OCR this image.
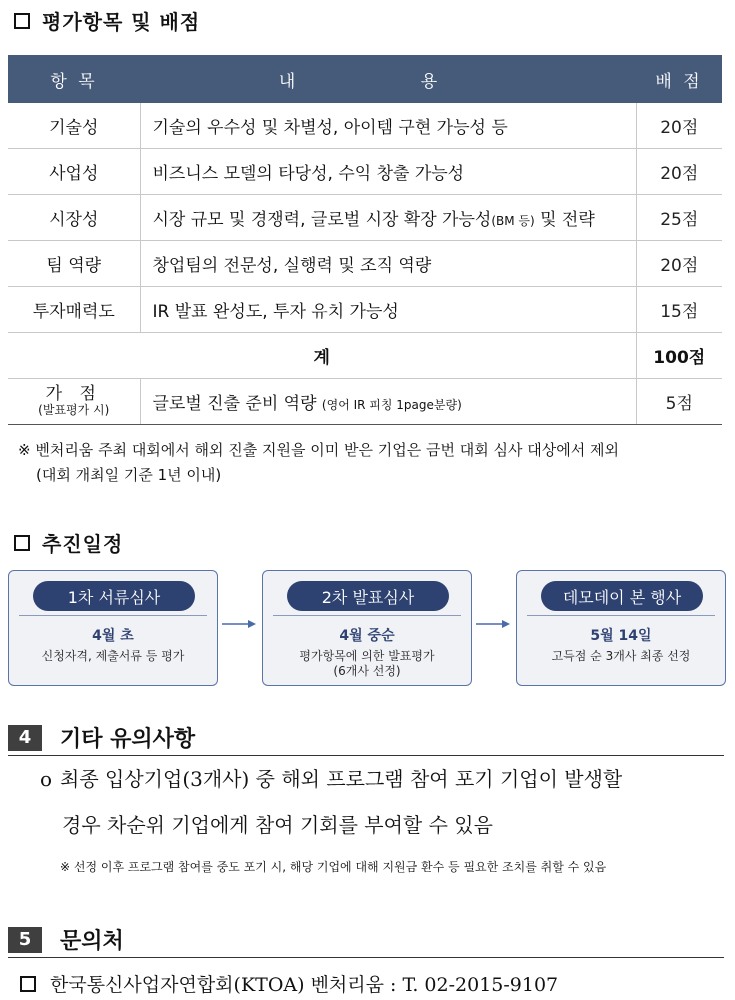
평가항목 및 배점
항 목	내 용	배 점
기술성	기술의 우수성 및 차별성, 아이템 구현 가능성 등	20점
사업성	비즈니스 모델의 타당성, 수익 창출 가능성	20점
시장성	시장 규모 및 경쟁력, 글로벌 시장 확장 가능성(BM 등) 및 전략	25점
팀 역량	창업팀의 전문성, 실행력 및 조직 역량	20점
투자매력도	IR 발표 완성도, 투자 유치 가능성	15점
계		100점

가 점
(발표평가 시)	글로벌 진출 준비 역량 (영어 IR 피칭 1page분량)	5점
※ 벤처리움 주최 대회에서 해외 진출 지원을 이미 받은 기업은 금번 대회 심사 대상에서 제외
(대회 개최일 기준 1년 이내)
추진일정
1차 서류심사
4월 초
신청자격, 제출서류 등 평가
2차 발표심사
4월 중순
평가항목에 의한 발표평가
(6개사 선정)
데모데이 본 행사
5월 14일
고득점 순 3개사 최종 선정
4	기타 유의사항
o 최종 입상기업(3개사) 중 해외 프로그램 참여 포기 기업이 발생할
경우 차순위 기업에게 참여 기회를 부여할 수 있음
※ 선정 이후 프로그램 참여를 중도 포기 시, 해당 기업에 대해 지원금 환수 등 필요한 조치를 취할 수 있음
5	문의처
한국통신사업자연합회(KTOA) 벤처리움 : T. 02-2015-9107
